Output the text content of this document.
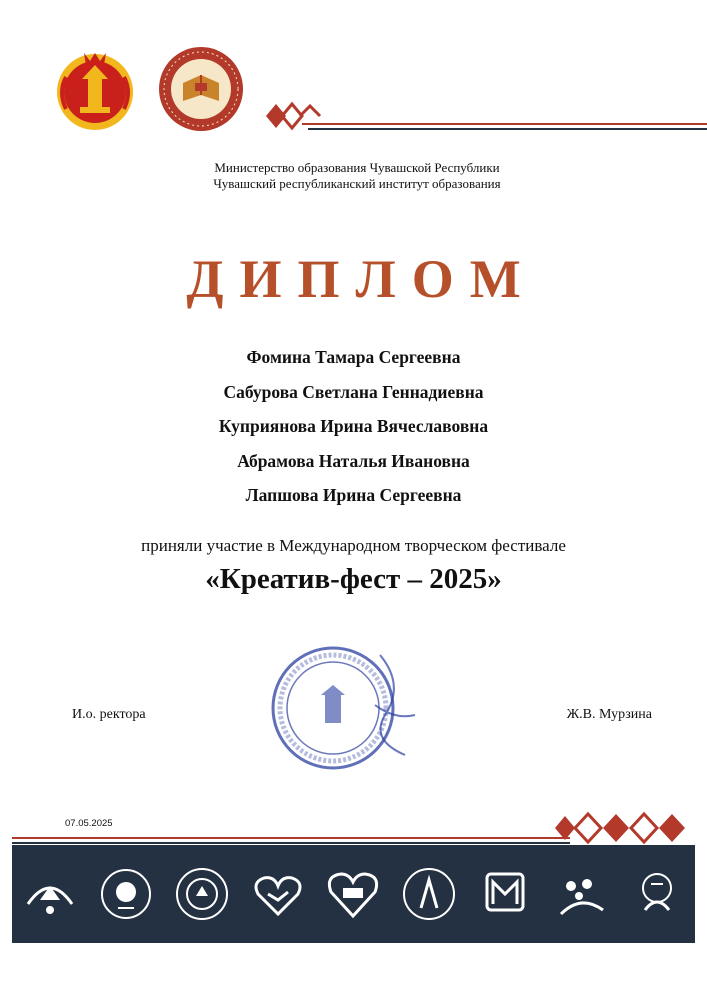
Министерство образования Чувашской Республики
Чувашский республиканский институт образования
ДИПЛОМ
Фомина Тамара Сергеевна
Сабурова Светлана Геннадиевна
Куприянова Ирина Вячеславовна
Абрамова Наталья Ивановна
Лапшова Ирина Сергеевна
приняли участие в Международном творческом фестивале
«Креатив-фест – 2025»
И.о. ректора	Ж.В. Мурзина
07.05.2025
